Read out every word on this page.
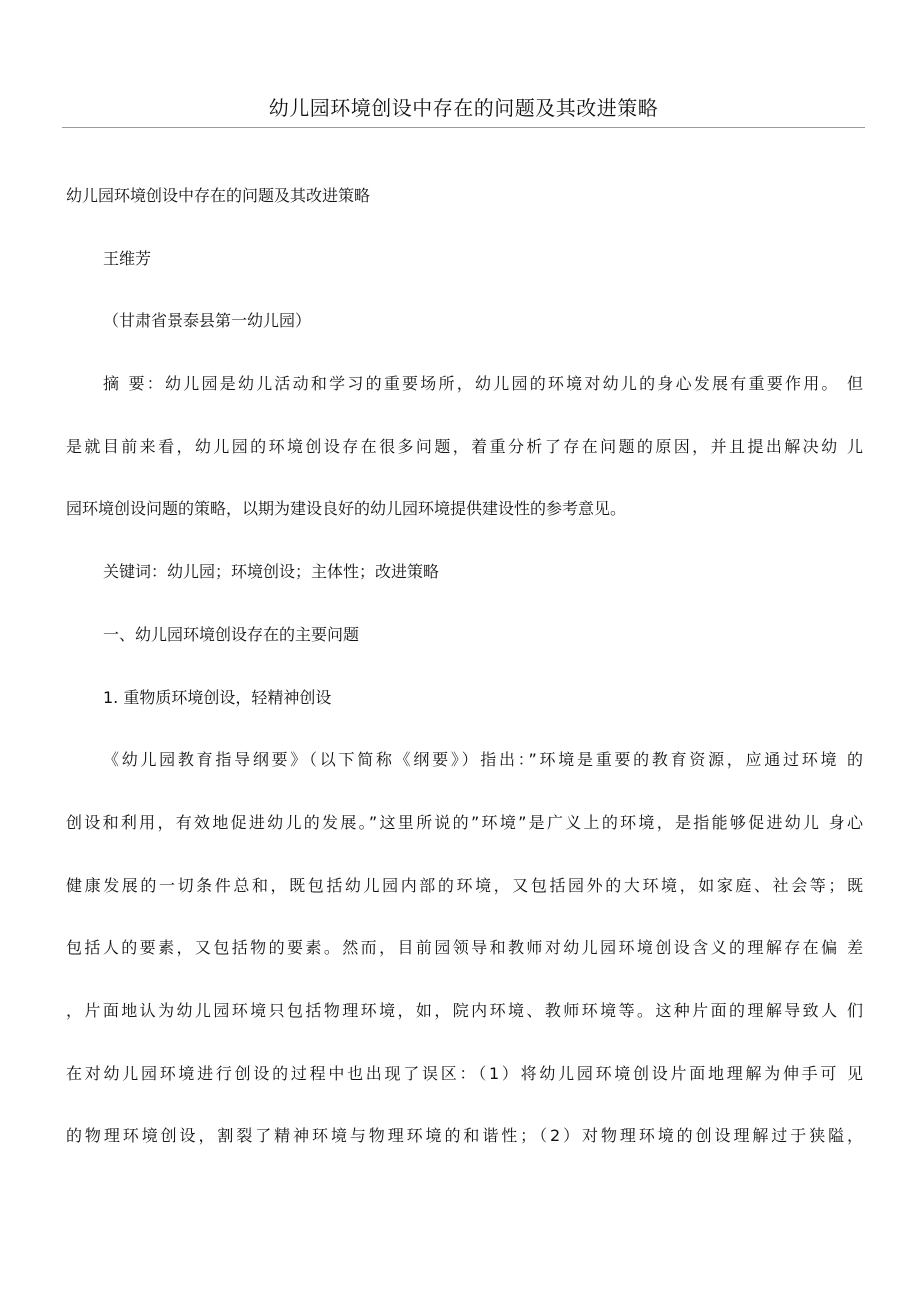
幼儿园环境创设中存在的问题及其改进策略
幼儿园环境创设中存在的问题及其改进策略
王维芳
（甘肃省景泰县第一幼儿园）
摘 要：幼儿园是幼儿活动和学习的重要场所，幼儿园的环境对幼儿的身心发展有重要作用。 但
是就目前来看，幼儿园的环境创设存在很多问题，着重分析了存在问题的原因，并且提出解决幼 儿
园环境创设问题的策略，以期为建设良好的幼儿园环境提供建设性的参考意见。
关键词：幼儿园；环境创设；主体性；改进策略
一、幼儿园环境创设存在的主要问题
1. 重物质环境创设，轻精神创设
《幼儿园教育指导纲要》（以下简称《纲要》）指出：”环境是重要的教育资源，应通过环境 的
创设和利用，有效地促进幼儿的发展。”这里所说的”环境”是广义上的环境，是指能够促进幼儿 身心
健康发展的一切条件总和，既包括幼儿园内部的环境，又包括园外的大环境，如家庭、社会等；既
包括人的要素，又包括物的要素。然而，目前园领导和教师对幼儿园环境创设含义的理解存在偏 差
，片面地认为幼儿园环境只包括物理环境，如，院内环境、教师环境等。这种片面的理解导致人 们
在对幼儿园环境进行创设的过程中也出现了误区：（1）将幼儿园环境创设片面地理解为伸手可 见
的物理环境创设，割裂了精神环境与物理环境的和谐性；（2）对物理环境的创设理解过于狭隘，
